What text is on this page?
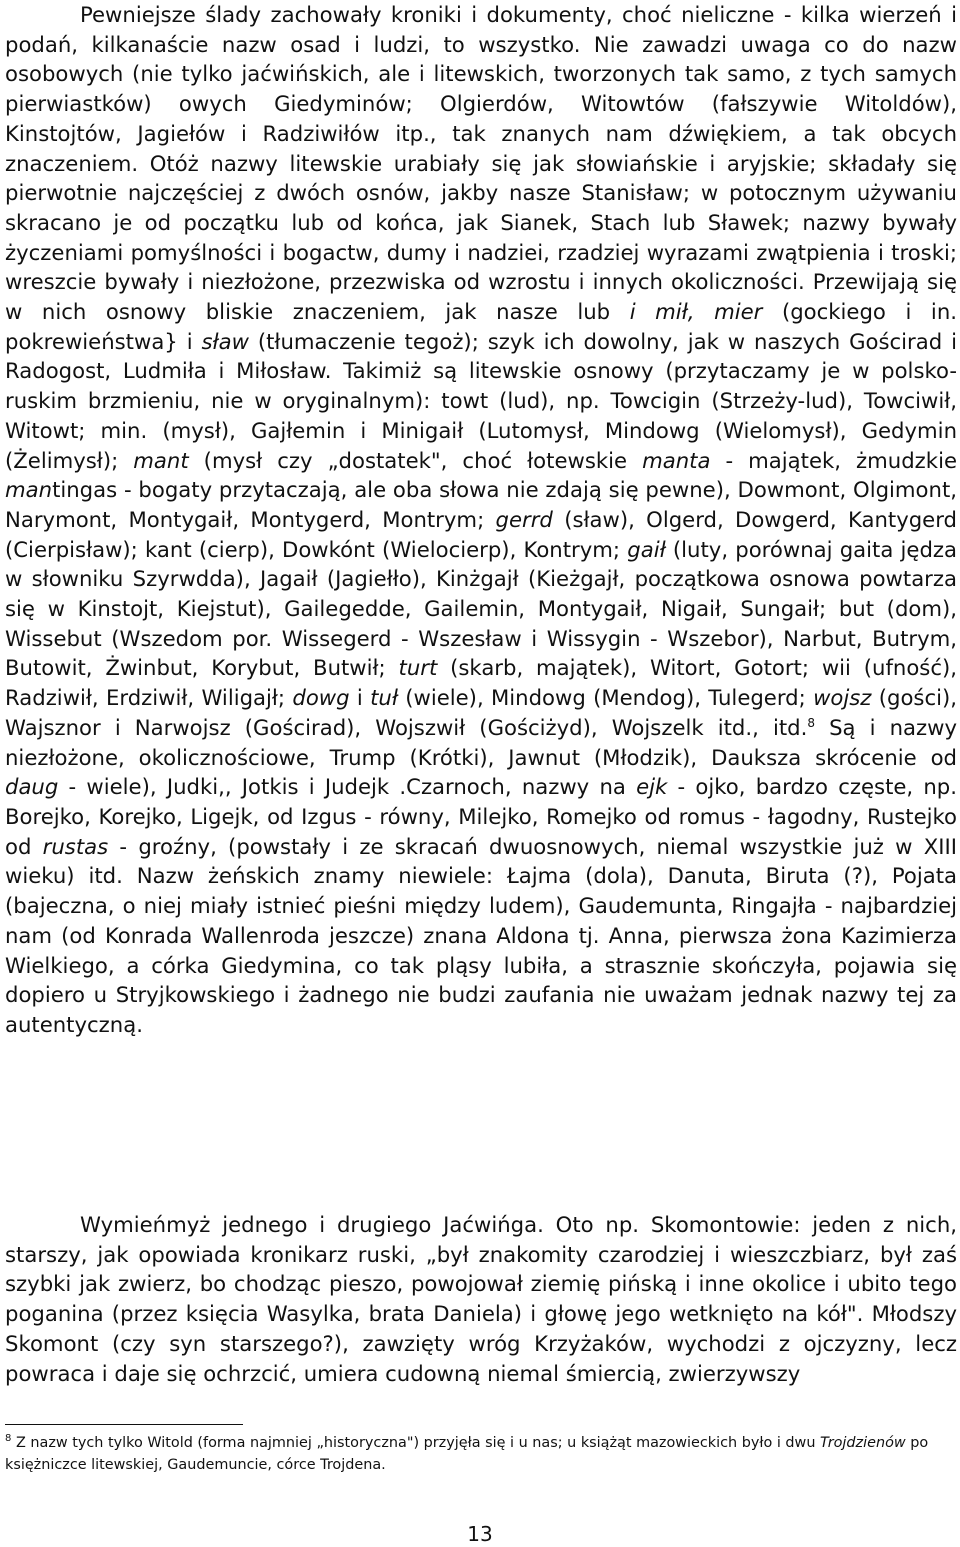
Pewniejsze ślady zachowały kroniki i dokumenty, choć nieliczne - kilka wierzeń i podań, kilkanaście nazw osad i ludzi, to wszystko. Nie zawadzi uwaga co do nazw osobowych (nie tylko jaćwińskich, ale i litewskich, tworzonych tak samo, z tych samych pierwiastków) owych Giedyminów; Olgierdów, Witowtów (fałszywie Witoldów), Kinstojtów, Jagiełów i Radziwiłów itp., tak znanych nam dźwiękiem, a tak obcych znaczeniem. Otóż nazwy litewskie urabiały się jak słowiańskie i aryjskie; składały się pierwotnie najczęściej z dwóch osnów, jakby nasze Stanisław; w potocznym używaniu skracano je od początku lub od końca, jak Sianek, Stach lub Sławek; nazwy bywały życzeniami pomyślności i bogactw, dumy i nadziei, rzadziej wyrazami zwątpienia i troski; wreszcie bywały i niezłożone, przezwiska od wzrostu i innych okoliczności. Przewijają się w nich osnowy bliskie znaczeniem, jak nasze lub i mił, mier (gockiego i in. pokrewieństwa} i sław (tłumaczenie tegoż); szyk ich dowolny, jak w naszych Gościrad i Radogost, Ludmiła i Miłosław. Takimiż są litewskie osnowy (przytaczamy je w polsko-ruskim brzmieniu, nie w oryginalnym): towt (lud), np. Towcigin (Strzeży-lud), Towciwił, Witowt; min. (mysł), Gajłemin i Minigaił (Lutomysł, Mindowg (Wielomysł), Gedymin (Żelimysł); mant (mysł czy „dostatek", choć łotewskie manta - majątek, żmudzkie mantingas - bogaty przytaczają, ale oba słowa nie zdają się pewne), Dowmont, Olgimont, Narymont, Montygaił, Montygerd, Montrym; gerrd (sław), Olgerd, Dowgerd, Kantygerd (Cierpisław); kant (cierp), Dowkónt (Wielocierp), Kontrym; gaił (luty, porównaj gaita jędza w słowniku Szyrwdda), Jagaił (Jagiełło), Kinżgajł (Kieżgajł, początkowa osnowa powtarza się w Kinstojt, Kiejstut), Gailegedde, Gailemin, Montygaił, Nigaił, Sungaił; but (dom), Wissebut (Wszedom por. Wissegerd - Wszesław i Wissygin - Wszebor), Narbut, Butrym, Butowit, Żwinbut, Korybut, Butwił; turt (skarb, majątek), Witort, Gotort; wii (ufność), Radziwił, Erdziwił, Wiligajł; dowg i tuł (wiele), Mindowg (Mendog), Tulegerd; wojsz (gości), Wajsznor i Narwojsz (Gościrad), Wojszwił (Gościżyd), Wojszelk itd., itd.$^8$ Są i nazwy niezłożone, okolicznościowe, Trump (Krótki), Jawnut (Młodzik), Dauksza skrócenie od daug - wiele), Judki,, Jotkis i Judejk .Czarnoch, nazwy na ejk - ojko, bardzo częste, np. Borejko, Korejko, Ligejk, od Izgus - równy, Milejko, Romejko od romus - łagodny, Rustejko od rustas - groźny, (powstały i ze skracań dwuosnowych, niemal wszystkie już w XIII wieku) itd. Nazw żeńskich znamy niewiele: Łajma (dola), Danuta, Biruta (?), Pojata (bajeczna, o niej miały istnieć pieśni między ludem), Gaudemunta, Ringajła - najbardziej nam (od Konrada Wallenroda jeszcze) znana Aldona tj. Anna, pierwsza żona Kazimierza Wielkiego, a córka Giedymina, co tak pląsy lubiła, a strasznie skończyła, pojawia się dopiero u Stryjkowskiego i żadnego nie budzi zaufania nie uważam jednak nazwy tej za autentyczną.

Wymieńmyż jednego i drugiego Jaćwińga. Oto np. Skomontowie: jeden z nich, starszy, jak opowiada kronikarz ruski, „był znakomity czarodziej i wieszczbiarz, był zaś szybki jak zwierz, bo chodząc pieszo, powojował ziemię pińską i inne okolice i ubito tego poganina (przez księcia Wasylka, brata Daniela) i głowę jego wetknięto na kół". Młodszy Skomont (czy syn starszego?), zawzięty wróg Krzyżaków, wychodzi z ojczyzny, lecz powraca i daje się ochrzcić, umiera cudowną niemal śmiercią, zwierzywszy

$^8$ Z nazw tych tylko Witold (forma najmniej „historyczna") przyjęła się i u nas; u książąt mazowieckich było i dwu Trojdzienów po księżniczce litewskiej, Gaudemuncie, córce Trojdena.
13
